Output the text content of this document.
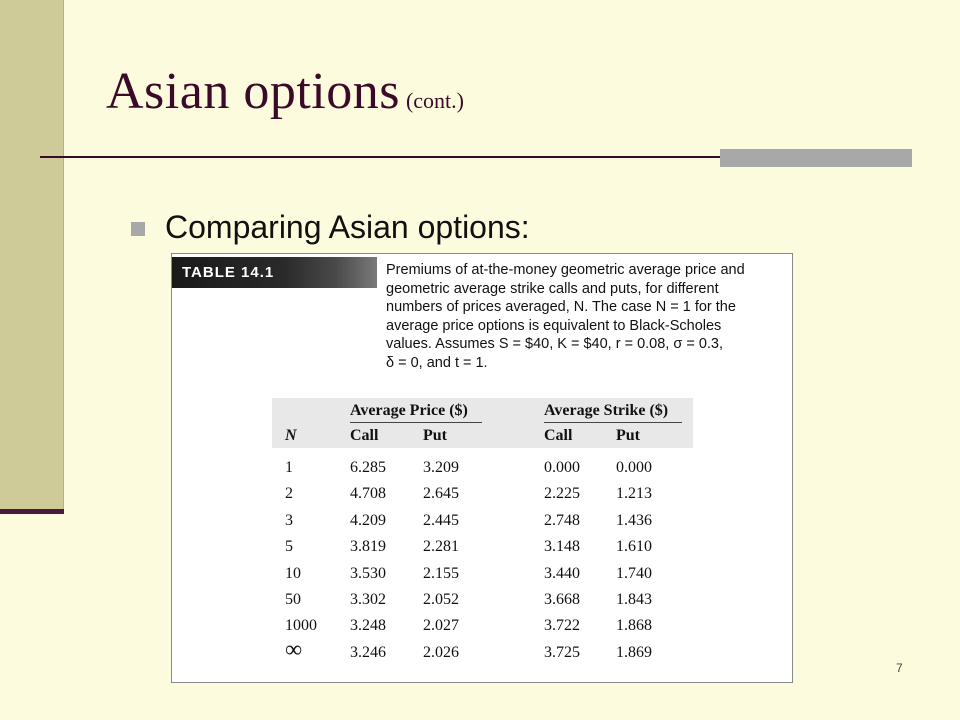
Asian options (cont.)
Comparing Asian options:
TABLE 14.1	Premiums of at-the-money geometric average price and
geometric average strike calls and puts, for different
numbers of prices averaged, N. The case N = 1 for the
average price options is equivalent to Black-Scholes
values. Assumes S = $40, K = $40, r = 0.08, σ = 0.3,
δ = 0, and t = 1.
Average Price ($)	Average Strike ($)
N	Call	Put	Call	Put
1	6.285 3.209	0.000 0.000
2	4.708 2.645	2.225 1.213
3	4.209 2.445	2.748 1.436
5	3.819 2.281	3.148 1.610
10	3.530 2.155	3.440 1.740
50	3.302 2.052	3.668 1.843
1000 3.248 2.027	3.722 1.868
∞	3.246 2.026	3.725 1.869
7
